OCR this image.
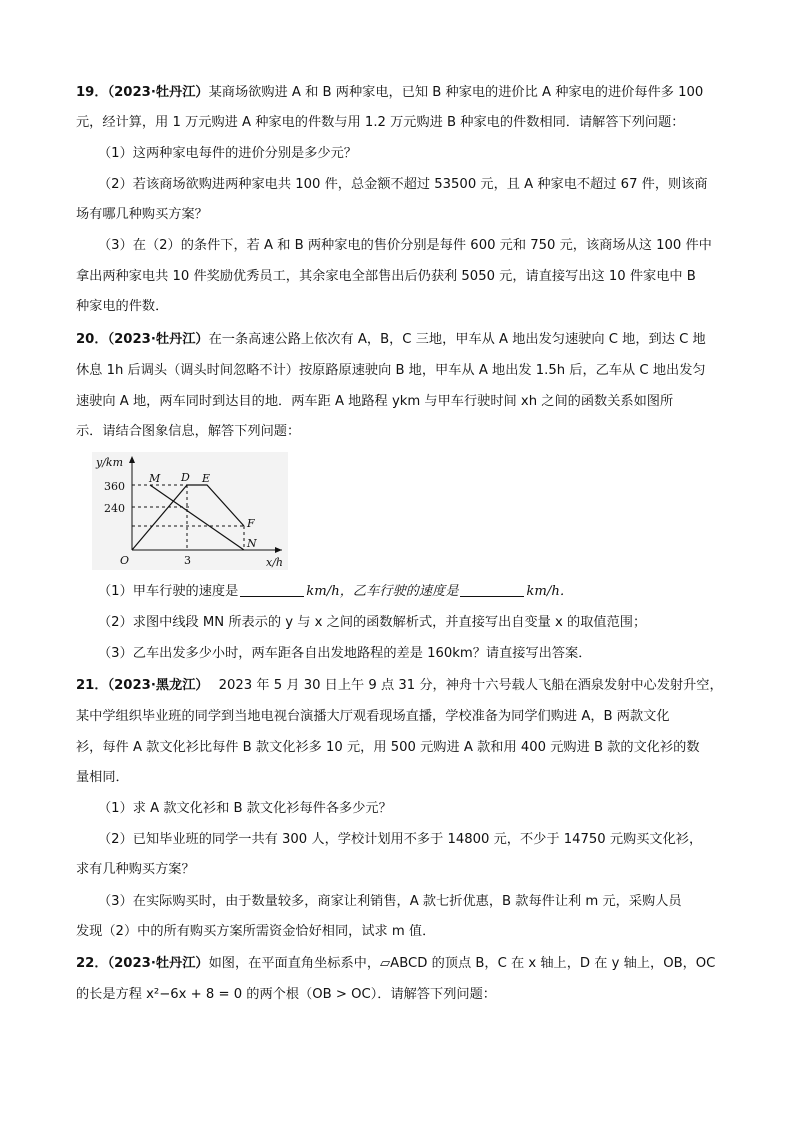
19．（2023·牡丹江）某商场欲购进 A 和 B 两种家电，已知 B 种家电的进价比 A 种家电的进价每件多 100
元，经计算，用 1 万元购进 A 种家电的件数与用 1.2 万元购进 B 种家电的件数相同．请解答下列问题：
（1）这两种家电每件的进价分别是多少元？
（2）若该商场欲购进两种家电共 100 件，总金额不超过 53500 元，且 A 种家电不超过 67 件，则该商
场有哪几种购买方案？
（3）在（2）的条件下，若 A 和 B 两种家电的售价分别是每件 600 元和 750 元，该商场从这 100 件中
拿出两种家电共 10 件奖励优秀员工，其余家电全部售出后仍获利 5050 元，请直接写出这 10 件家电中 B
种家电的件数．
20．（2023·牡丹江）在一条高速公路上依次有 A，B，C 三地，甲车从 A 地出发匀速驶向 C 地，到达 C 地
休息 1h 后调头（调头时间忽略不计）按原路原速驶向 B 地，甲车从 A 地出发 1.5h 后，乙车从 C 地出发匀
速驶向 A 地，两车同时到达目的地．两车距 A 地路程 ykm 与甲车行驶时间 xh 之间的函数关系如图所
示．请结合图象信息，解答下列问题：
y/km
360
240
O	3	x/h
M D E
F
N
（1）甲车行驶的速度是	km/h，乙车行驶的速度是	km/h．
（2）求图中线段 MN 所表示的 y 与 x 之间的函数解析式，并直接写出自变量 x 的取值范围；
（3）乙车出发多少小时，两车距各自出发地路程的差是 160km？请直接写出答案．
21．（2023·黑龙江） 2023 年 5 月 30 日上午 9 点 31 分，神舟十六号载人飞船在酒泉发射中心发射升空，
某中学组织毕业班的同学到当地电视台演播大厅观看现场直播，学校准备为同学们购进 A，B 两款文化
衫，每件 A 款文化衫比每件 B 款文化衫多 10 元，用 500 元购进 A 款和用 400 元购进 B 款的文化衫的数
量相同．
（1）求 A 款文化衫和 B 款文化衫每件各多少元？
（2）已知毕业班的同学一共有 300 人，学校计划用不多于 14800 元，不少于 14750 元购买文化衫，
求有几种购买方案？
（3）在实际购买时，由于数量较多，商家让利销售，A 款七折优惠，B 款每件让利 m 元，采购人员
发现（2）中的所有购买方案所需资金恰好相同，试求 m 值．
22．（2023·牡丹江）如图，在平面直角坐标系中，▱ABCD 的顶点 B，C 在 x 轴上，D 在 y 轴上，OB，OC
的长是方程 x²−6x + 8 = 0 的两个根（OB > OC）．请解答下列问题：
